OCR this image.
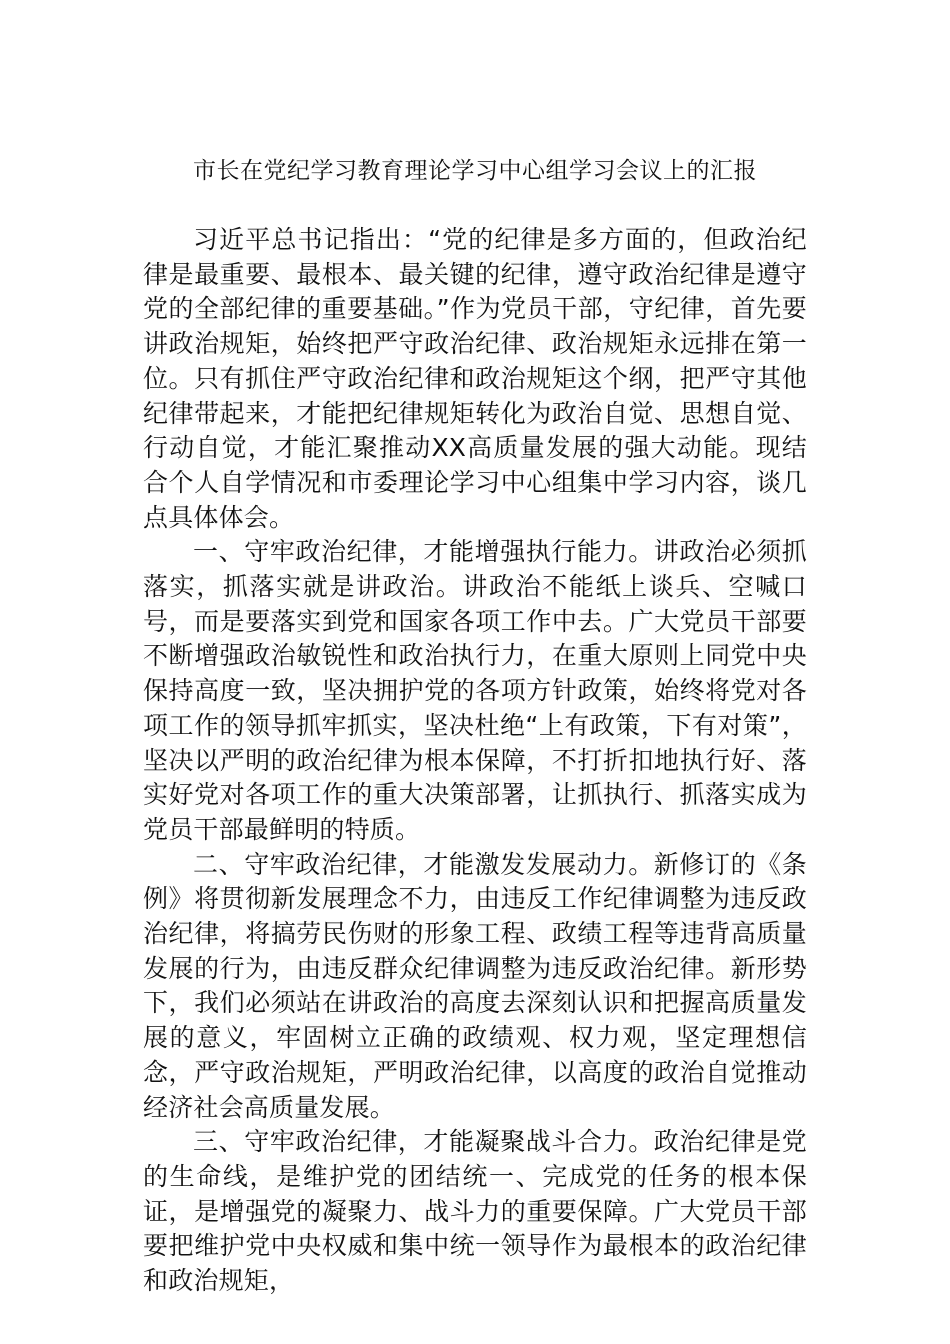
市长在党纪学习教育理论学习中心组学习会议上的汇报

习近平总书记指出：“党的纪律是多方面的，但政治纪律是最重要、最根本、最关键的纪律，遵守政治纪律是遵守党的全部纪律的重要基础。”作为党员干部，守纪律，首先要讲政治规矩，始终把严守政治纪律、政治规矩永远排在第一位。只有抓住严守政治纪律和政治规矩这个纲，把严守其他纪律带起来，才能把纪律规矩转化为政治自觉、思想自觉、行动自觉，才能汇聚推动XX高质量发展的强大动能。现结合个人自学情况和市委理论学习中心组集中学习内容，谈几点具体体会。

一、守牢政治纪律，才能增强执行能力。讲政治必须抓落实，抓落实就是讲政治。讲政治不能纸上谈兵、空喊口号，而是要落实到党和国家各项工作中去。广大党员干部要不断增强政治敏锐性和政治执行力，在重大原则上同党中央保持高度一致，坚决拥护党的各项方针政策，始终将党对各项工作的领导抓牢抓实，坚决杜绝“上有政策，下有对策”，坚决以严明的政治纪律为根本保障，不打折扣地执行好、落实好党对各项工作的重大决策部署，让抓执行、抓落实成为党员干部最鲜明的特质。

二、守牢政治纪律，才能激发发展动力。新修订的《条例》将贯彻新发展理念不力，由违反工作纪律调整为违反政治纪律，将搞劳民伤财的形象工程、政绩工程等违背高质量发展的行为，由违反群众纪律调整为违反政治纪律。新形势下，我们必须站在讲政治的高度去深刻认识和把握高质量发展的意义，牢固树立正确的政绩观、权力观，坚定理想信念，严守政治规矩，严明政治纪律，以高度的政治自觉推动经济社会高质量发展。

三、守牢政治纪律，才能凝聚战斗合力。政治纪律是党的生命线，是维护党的团结统一、完成党的任务的根本保证，是增强党的凝聚力、战斗力的重要保障。广大党员干部要把维护党中央权威和集中统一领导作为最根本的政治纪律和政治规矩，
